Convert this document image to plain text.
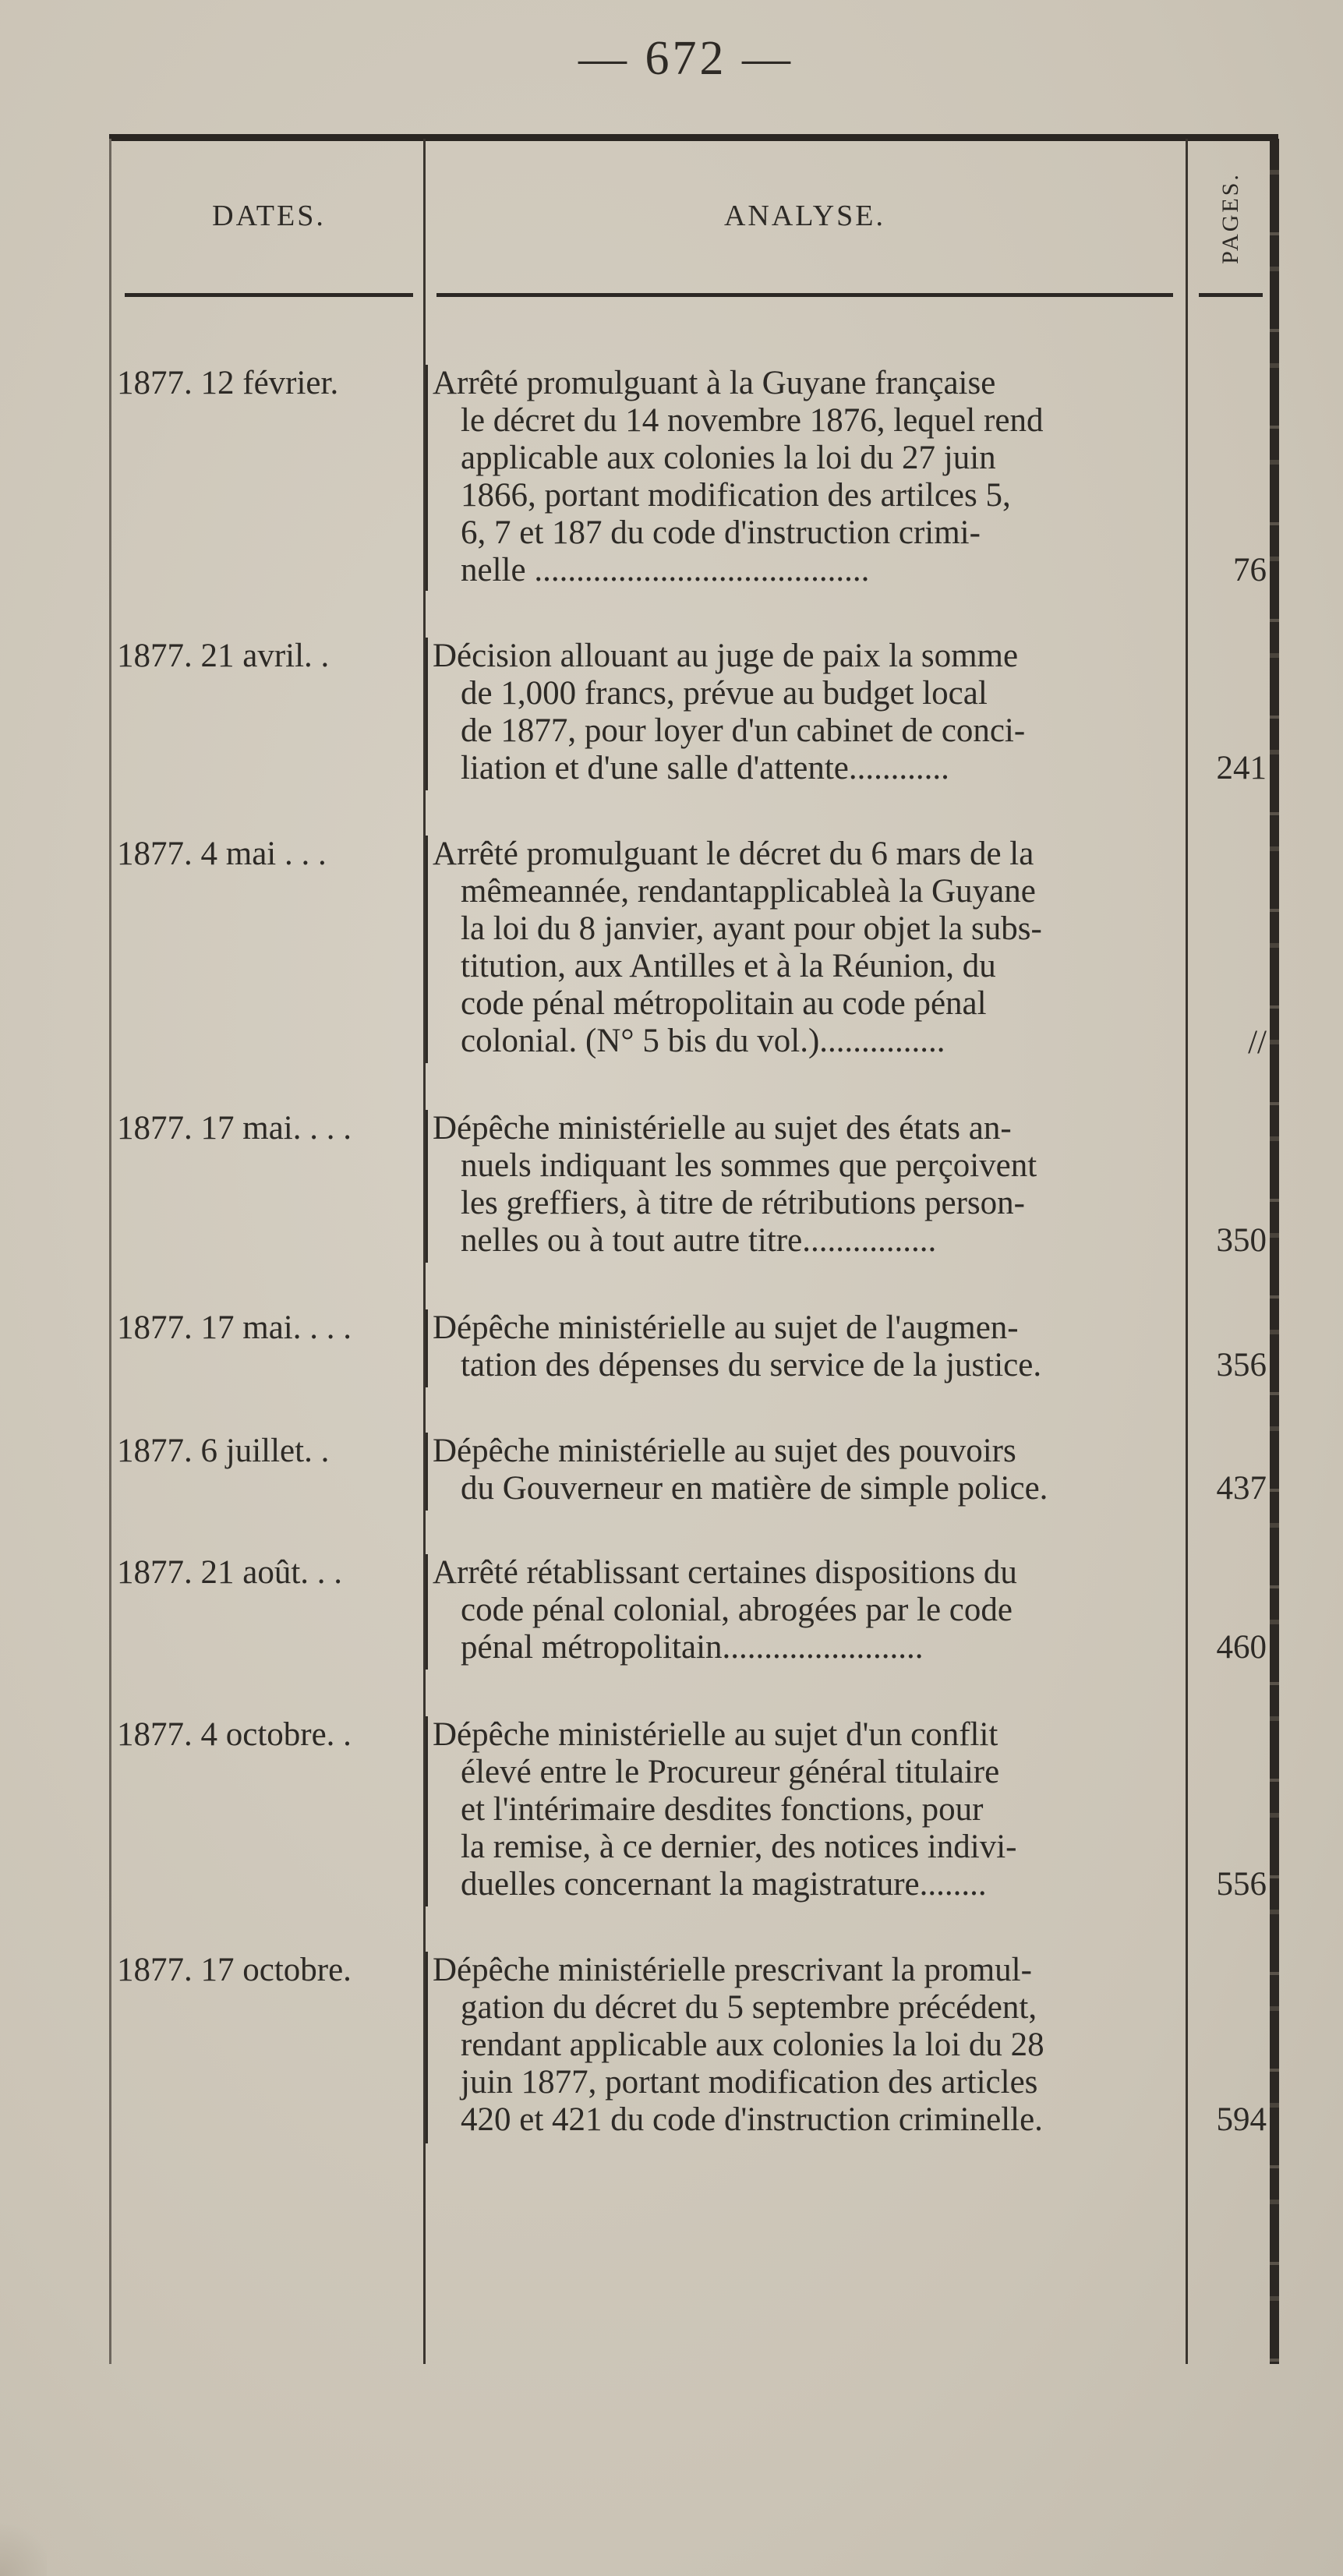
— 672 —
DATES.	ANALYSE.	PAGES.
1877. 12 février.	Arrêté promulguant à la Guyane française
le décret du 14 novembre 1876, lequel rend
applicable aux colonies la loi du 27 juin
1866, portant modification des artilces 5,
6, 7 et 187 du code d'instruction crimi-
nelle ........................................	76
1877. 21 avril. .	Décision allouant au juge de paix la somme
de 1,000 francs, prévue au budget local
de 1877, pour loyer d'un cabinet de conci-
liation et d'une salle d'attente............	241
1877. 4 mai . . .	Arrêté promulguant le décret du 6 mars de la
mêmeannée, rendantapplicableà la Guyane
la loi du 8 janvier, ayant pour objet la subs-
titution, aux Antilles et à la Réunion, du
code pénal métropolitain au code pénal
colonial. (N° 5 bis du vol.)...............	//
1877. 17 mai. . . .	Dépêche ministérielle au sujet des états an-
nuels indiquant les sommes que perçoivent
les greffiers, à titre de rétributions person-
nelles ou à tout autre titre................	350
1877. 17 mai. . . .	Dépêche ministérielle au sujet de l'augmen-
tation des dépenses du service de la justice.	356
1877. 6 juillet. .	Dépêche ministérielle au sujet des pouvoirs
du Gouverneur en matière de simple police.	437
1877. 21 août. . .	Arrêté rétablissant certaines dispositions du
code pénal colonial, abrogées par le code
pénal métropolitain........................	460
1877. 4 octobre. .	Dépêche ministérielle au sujet d'un conflit
élevé entre le Procureur général titulaire
et l'intérimaire desdites fonctions, pour
la remise, à ce dernier, des notices indivi-
duelles concernant la magistrature........	556
1877. 17 octobre.	Dépêche ministérielle prescrivant la promul-
gation du décret du 5 septembre précédent,
rendant applicable aux colonies la loi du 28
juin 1877, portant modification des articles
420 et 421 du code d'instruction criminelle.	594
